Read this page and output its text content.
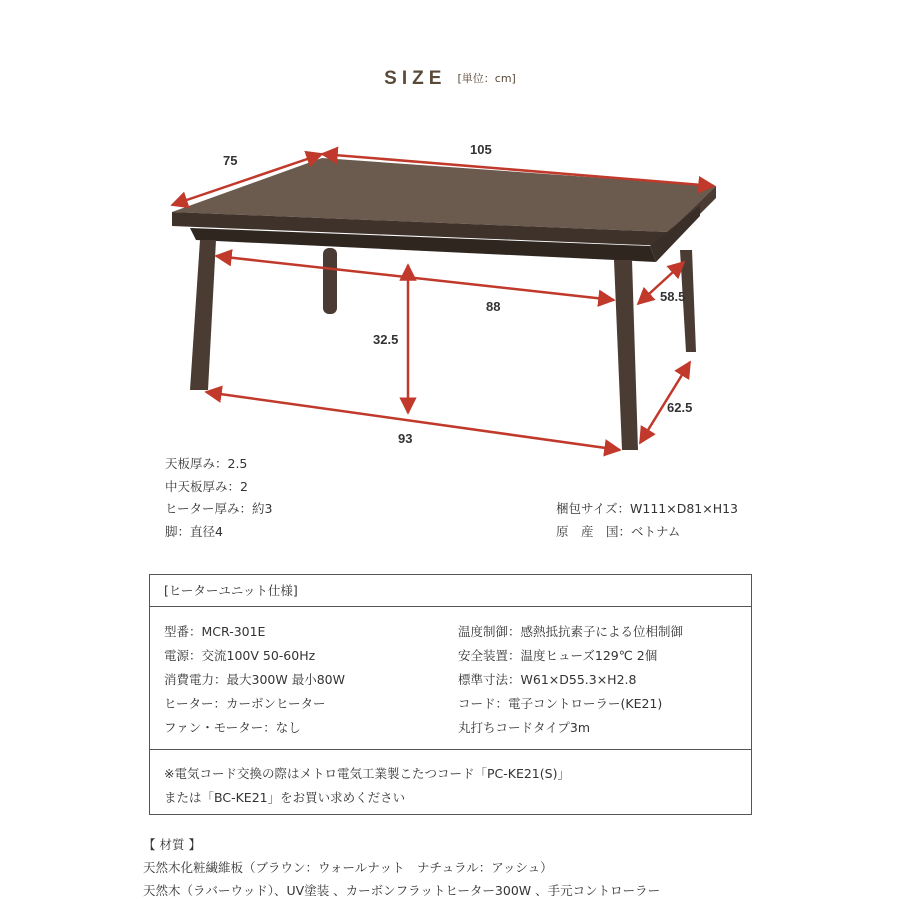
SIZE [単位：cm]
75
105
88
58.5
32.5
93
62.5
天板厚み：2.5
中天板厚み：2
ヒーター厚み：約3
脚：直径4
梱包サイズ：W111×D81×H13
原　産　国：ベトナム
[ヒーターユニット仕様]
型番：MCR-301E
電源：交流100V 50-60Hz
消費電力：最大300W 最小80W
ヒーター：カーボンヒーター
ファン・モーター：なし
温度制御：感熱抵抗素子による位相制御
安全装置：温度ヒューズ129℃ 2個
標準寸法：W61×D55.3×H2.8
コード：電子コントローラー(KE21)
丸打ちコードタイプ3m
※電気コード交換の際はメトロ電気工業製こたつコード「PC-KE21(S)」
または「BC-KE21」をお買い求めください
【 材質 】
天然木化粧繊維板（ブラウン：ウォールナット　ナチュラル：アッシュ）
天然木（ラバーウッド）、UV塗装 、カーボンフラットヒーター300W 、手元コントローラー
